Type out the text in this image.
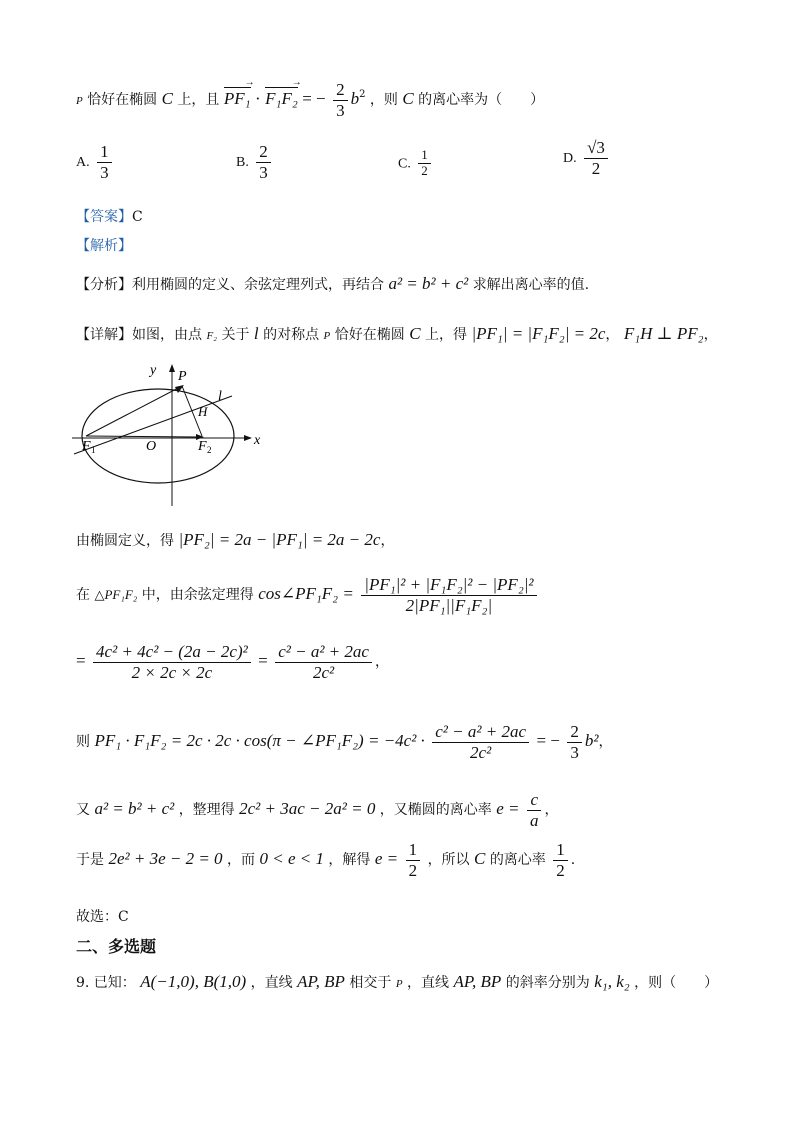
P 恰好在椭圆 C 上，且 PF₁ → · F₁F₂ → = − $\frac{2}{3} b^2$ ，则 C 的离心率为（　　）
A. $\frac{1}{3}$	B. $\frac{2}{3}$	C. $\frac{1}{2}$	D. $\frac{√3}{2}$
【答案】C
【解析】
【分析】利用椭圆的定义、余弦定理列式，再结合 a² = b² + c² 求解出离心率的值.
【详解】如图，由点 F₂ 关于 l 的对称点 P 恰好在椭圆 C 上，得 |PF₁| = |F₁F₂| = 2c， F₁H ⊥ PF₂，
y
x
P
l
H
F 1	O	F 2
由椭圆定义，得 |PF₂| = 2a − |PF₁| = 2a − 2c，
在 △PF₁F₂ 中，由余弦定理得 cos∠PF₁F₂ = $\frac{\text{|PF₁|² + |F₁F₂|² − |PF₂|²}}{\text{2|PF₁||F₁F₂|}}$
= $\frac{\text{4c² + 4c² − (2a − 2c)²}}{2 \times 2c \times 2c} = \frac{\text{c² − a² + 2ac}}{\text{2c²}}$ ，
则 PF₁ · F₁F₂ = 2c · 2c · cos(π − ∠PF₁F₂) = $-4c^2 \cdot \frac{\text{c² − a² + 2ac}}{\text{2c²}}$ = − $\frac{2}{3} b^2$，
又 a² = b² + c² ，整理得 2c² + 3ac − 2a² = 0 ，又椭圆的离心率 $e = \frac{c}{a}$ ，
于是 2e² + 3e − 2 = 0 ，而 0 < e < 1 ，解得 $e = \frac{1}{2}$ ，所以 C 的离心率 $\frac{1}{2}$ .
故选：C
二、多选题
9. 已知： A(−1,0), B(1,0) ，直线 AP, BP 相交于 P ，直线 AP, BP 的斜率分别为 k₁, k₂ ，则（　　）
